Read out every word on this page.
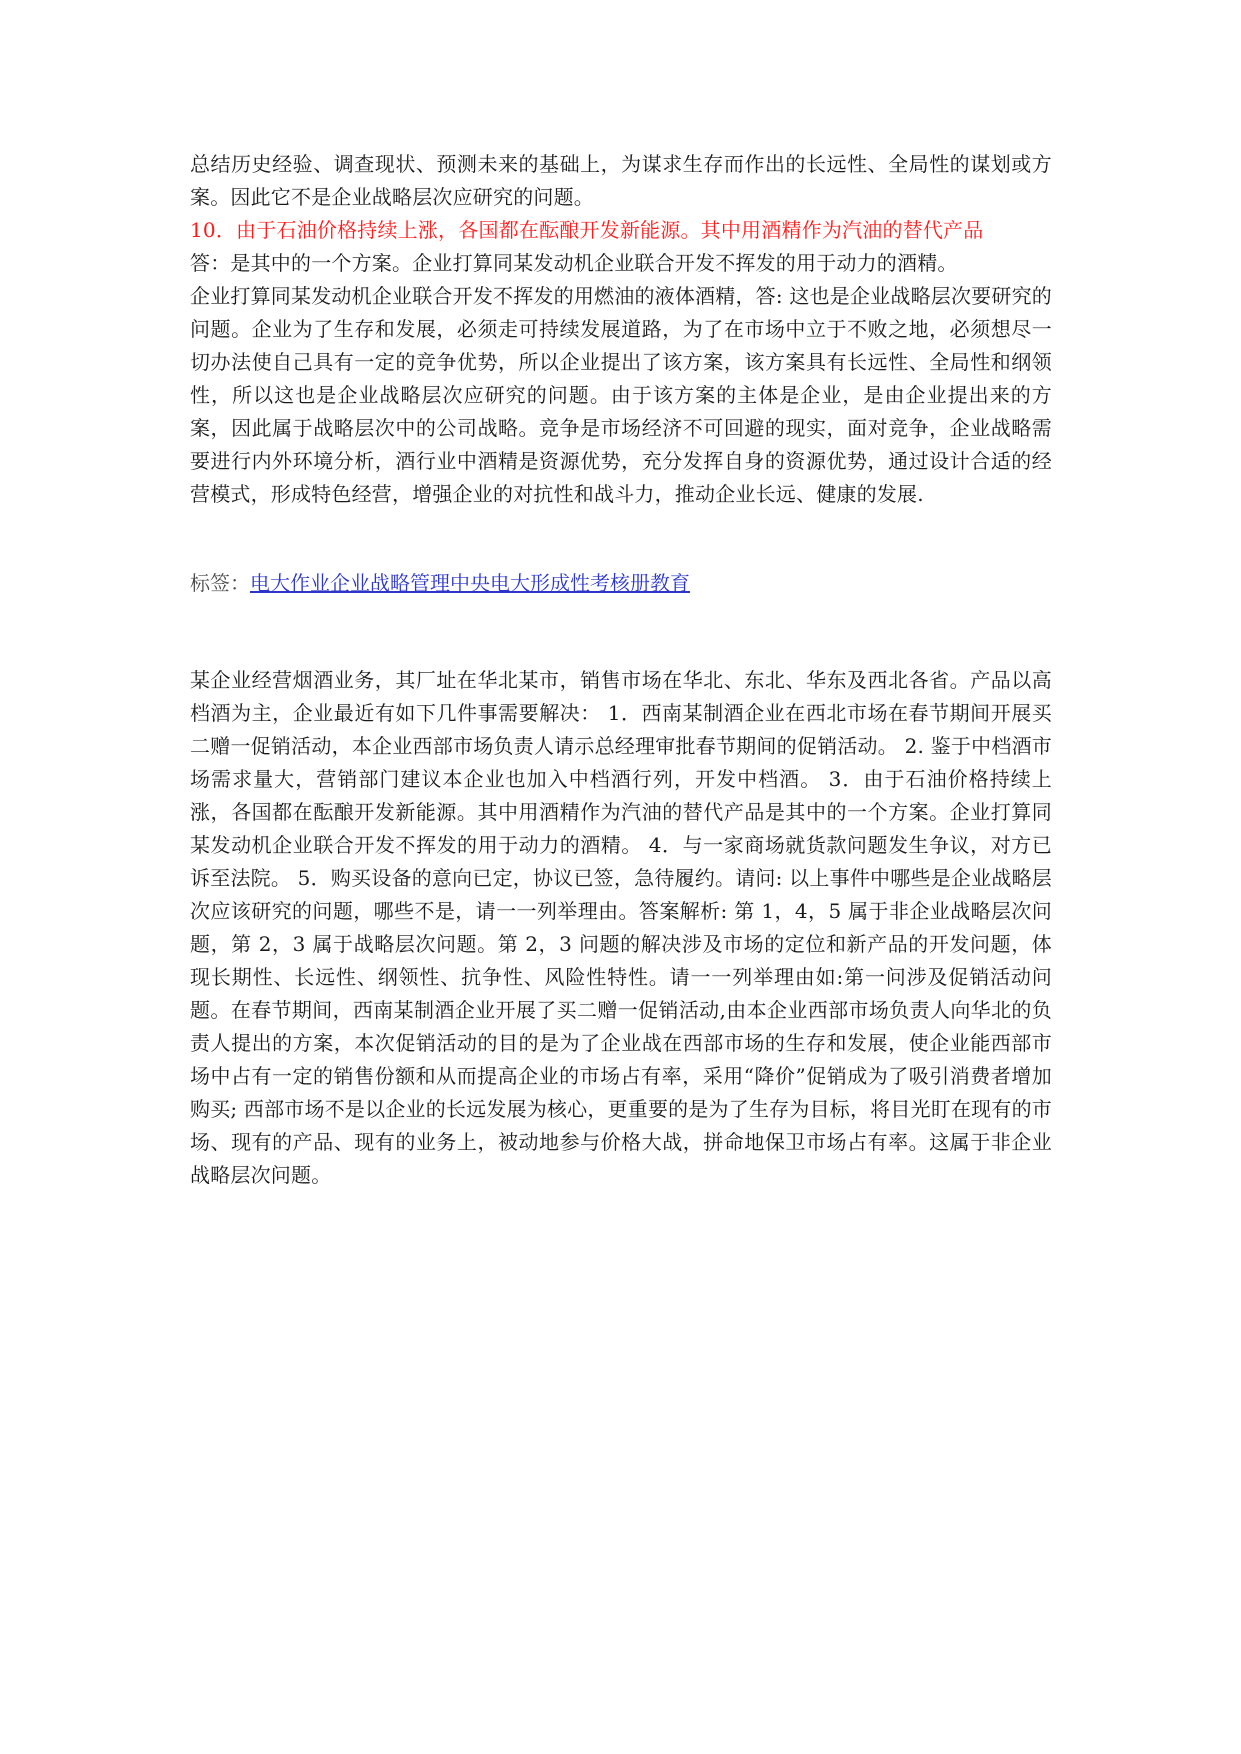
总结历史经验、调查现状、预测未来的基础上，为谋求生存而作出的长远性、全局性的谋划或方案。因此它不是企业战略层次应研究的问题。

10．由于石油价格持续上涨，各国都在酝酿开发新能源。其中用酒精作为汽油的替代产品

答：是其中的一个方案。企业打算同某发动机企业联合开发不挥发的用于动力的酒精。

企业打算同某发动机企业联合开发不挥发的用燃油的液体酒精，答: 这也是企业战略层次要研究的问题。企业为了生存和发展，必须走可持续发展道路，为了在市场中立于不败之地，必须想尽一切办法使自己具有一定的竞争优势，所以企业提出了该方案，该方案具有长远性、全局性和纲领性，所以这也是企业战略层次应研究的问题。由于该方案的主体是企业，是由企业提出来的方案，因此属于战略层次中的公司战略。竞争是市场经济不可回避的现实，面对竞争，企业战略需要进行内外环境分析，酒行业中酒精是资源优势，充分发挥自身的资源优势，通过设计合适的经营模式，形成特色经营，增强企业的对抗性和战斗力，推动企业长远、健康的发展.

标签：电大作业企业战略管理中央电大形成性考核册教育

某企业经营烟酒业务，其厂址在华北某市，销售市场在华北、东北、华东及西北各省。产品以高档酒为主，企业最近有如下几件事需要解决： 1．西南某制酒企业在西北市场在春节期间开展买二赠一促销活动，本企业西部市场负责人请示总经理审批春节期间的促销活动。 2. 鉴于中档酒市场需求量大，营销部门建议本企业也加入中档酒行列，开发中档酒。 3．由于石油价格持续上涨，各国都在酝酿开发新能源。其中用酒精作为汽油的替代产品是其中的一个方案。企业打算同某发动机企业联合开发不挥发的用于动力的酒精。 4．与一家商场就货款问题发生争议，对方已诉至法院。 5．购买设备的意向已定，协议已签，急待履约。请问: 以上事件中哪些是企业战略层次应该研究的问题，哪些不是，请一一列举理由。答案解析: 第 1，4，5 属于非企业战略层次问题，第 2，3 属于战略层次问题。第 2，3 问题的解决涉及市场的定位和新产品的开发问题，体现长期性、长远性、纲领性、抗争性、风险性特性。请一一列举理由如:第一问涉及促销活动问题。在春节期间，西南某制酒企业开展了买二赠一促销活动,由本企业西部市场负责人向华北的负责人提出的方案，本次促销活动的目的是为了企业战在西部市场的生存和发展，使企业能西部市场中占有一定的销售份额和从而提高企业的市场占有率，采用“降价”促销成为了吸引消费者增加购买; 西部市场不是以企业的长远发展为核心，更重要的是为了生存为目标，将目光盯在现有的市场、现有的产品、现有的业务上，被动地参与价格大战，拼命地保卫市场占有率。这属于非企业战略层次问题。
